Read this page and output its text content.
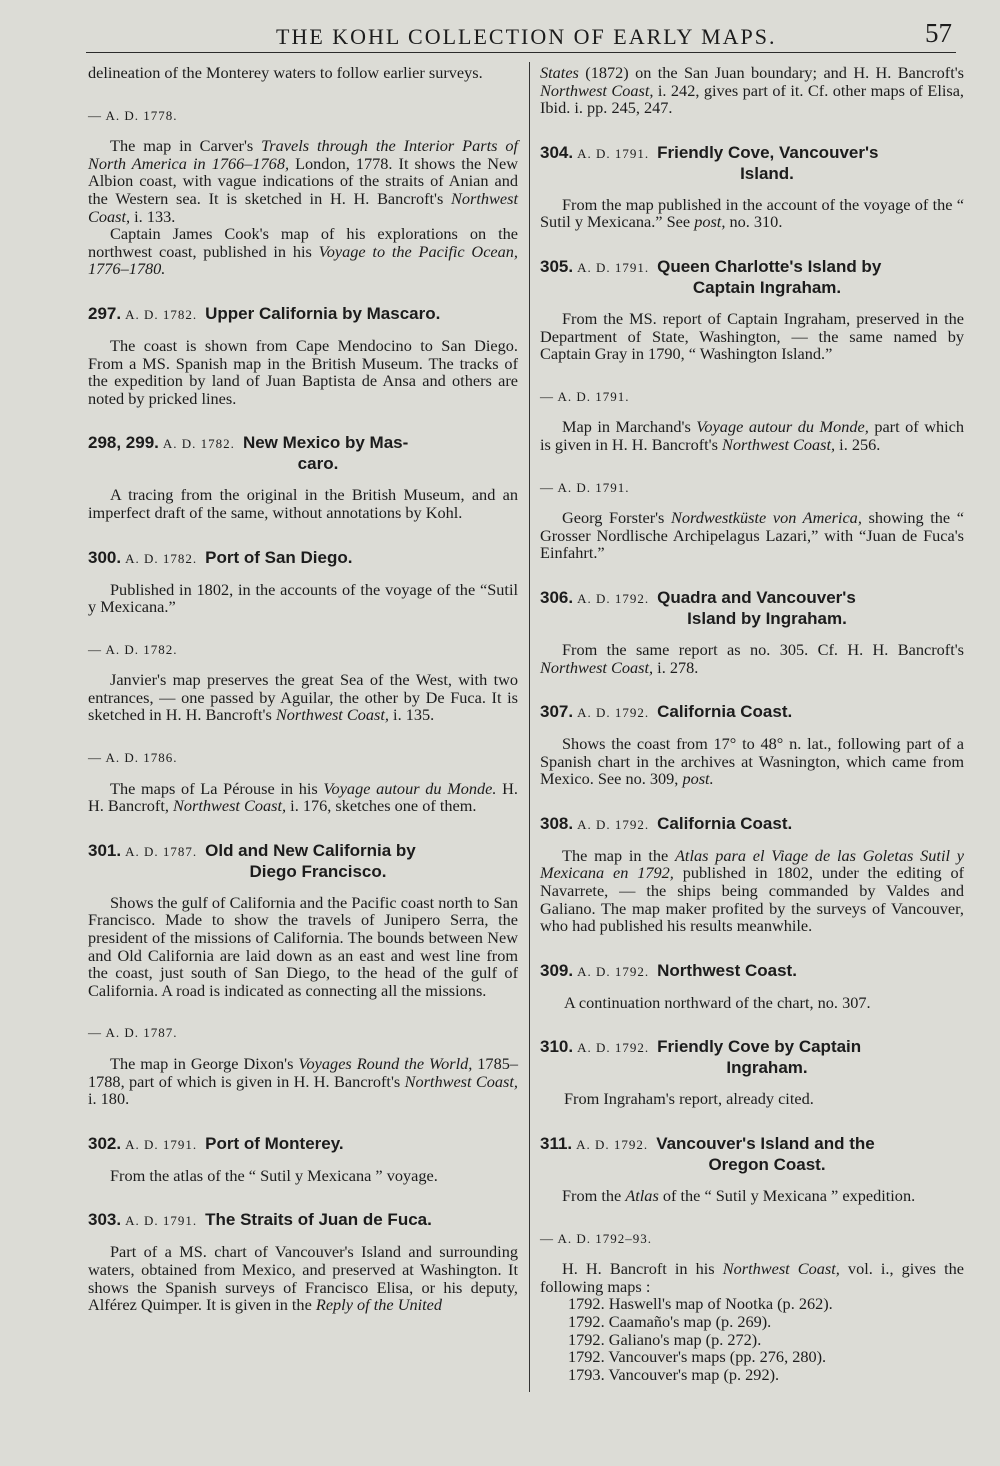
THE KOHL COLLECTION OF EARLY MAPS.	57

delineation of the Monterey waters to follow earlier surveys.

— A. D. 1778.

The map in Carver's Travels through the Interior Parts of North America in 1766–1768, London, 1778. It shows the New Albion coast, with vague indications of the straits of Anian and the Western sea. It is sketched in H. H. Bancroft's Northwest Coast, i. 133.

Captain James Cook's map of his explorations on the northwest coast, published in his Voyage to the Pacific Ocean, 1776–1780.

297. A. D. 1782. Upper California by Mascaro.

The coast is shown from Cape Mendocino to San Diego. From a MS. Spanish map in the British Museum. The tracks of the expedition by land of Juan Baptista de Ansa and others are noted by pricked lines.

298, 299. A. D. 1782. New Mexico by Mas-
caro.

A tracing from the original in the British Museum, and an imperfect draft of the same, without annotations by Kohl.

300. A. D. 1782. Port of San Diego.

Published in 1802, in the accounts of the voyage of the “Sutil y Mexicana.”

— A. D. 1782.

Janvier's map preserves the great Sea of the West, with two entrances, — one passed by Aguilar, the other by De Fuca. It is sketched in H. H. Bancroft's Northwest Coast, i. 135.

— A. D. 1786.

The maps of La Pérouse in his Voyage autour du Monde. H. H. Bancroft, Northwest Coast, i. 176, sketches one of them.

301. A. D. 1787. Old and New California by
Diego Francisco.

Shows the gulf of California and the Pacific coast north to San Francisco. Made to show the travels of Junipero Serra, the president of the missions of California. The bounds between New and Old California are laid down as an east and west line from the coast, just south of San Diego, to the head of the gulf of California. A road is indicated as connecting all the missions.

— A. D. 1787.

The map in George Dixon's Voyages Round the World, 1785–1788, part of which is given in H. H. Bancroft's Northwest Coast, i. 180.

302. A. D. 1791. Port of Monterey.

From the atlas of the “ Sutil y Mexicana ” voyage.

303. A. D. 1791. The Straits of Juan de Fuca.

Part of a MS. chart of Vancouver's Island and surrounding waters, obtained from Mexico, and preserved at Washington. It shows the Spanish surveys of Francisco Elisa, or his deputy, Alférez Quimper. It is given in the Reply of the United

States (1872) on the San Juan boundary; and H. H. Bancroft's Northwest Coast, i. 242, gives part of it. Cf. other maps of Elisa, Ibid. i. pp. 245, 247.

304. A. D. 1791. Friendly Cove, Vancouver's
Island.

From the map published in the account of the voyage of the “ Sutil y Mexicana.” See post, no. 310.

305. A. D. 1791. Queen Charlotte's Island by
Captain Ingraham.

From the MS. report of Captain Ingraham, preserved in the Department of State, Washington, — the same named by Captain Gray in 1790, “ Washington Island.”

— A. D. 1791.

Map in Marchand's Voyage autour du Monde, part of which is given in H. H. Bancroft's Northwest Coast, i. 256.

— A. D. 1791.

Georg Forster's Nordwestküste von America, showing the “ Grosser Nordlische Archipelagus Lazari,” with “Juan de Fuca's Einfahrt.”

306. A. D. 1792. Quadra and Vancouver's
Island by Ingraham.

From the same report as no. 305. Cf. H. H. Bancroft's Northwest Coast, i. 278.

307. A. D. 1792. California Coast.

Shows the coast from 17° to 48° n. lat., following part of a Spanish chart in the archives at Wasnington, which came from Mexico. See no. 309, post.

308. A. D. 1792. California Coast.

The map in the Atlas para el Viage de las Goletas Sutil y Mexicana en 1792, published in 1802, under the editing of Navarrete, — the ships being commanded by Valdes and Galiano. The map maker profited by the surveys of Vancouver, who had published his results meanwhile.

309. A. D. 1792. Northwest Coast.

A continuation northward of the chart, no. 307.

310. A. D. 1792. Friendly Cove by Captain
Ingraham.

From Ingraham's report, already cited.

311. A. D. 1792. Vancouver's Island and the
Oregon Coast.

From the Atlas of the “ Sutil y Mexicana ” expedition.

— A. D. 1792–93.

H. H. Bancroft in his Northwest Coast, vol. i., gives the following maps :

1792. Haswell's map of Nootka (p. 262).

1792. Caamaño's map (p. 269).

1792. Galiano's map (p. 272).

1792. Vancouver's maps (pp. 276, 280).

1793. Vancouver's map (p. 292).
